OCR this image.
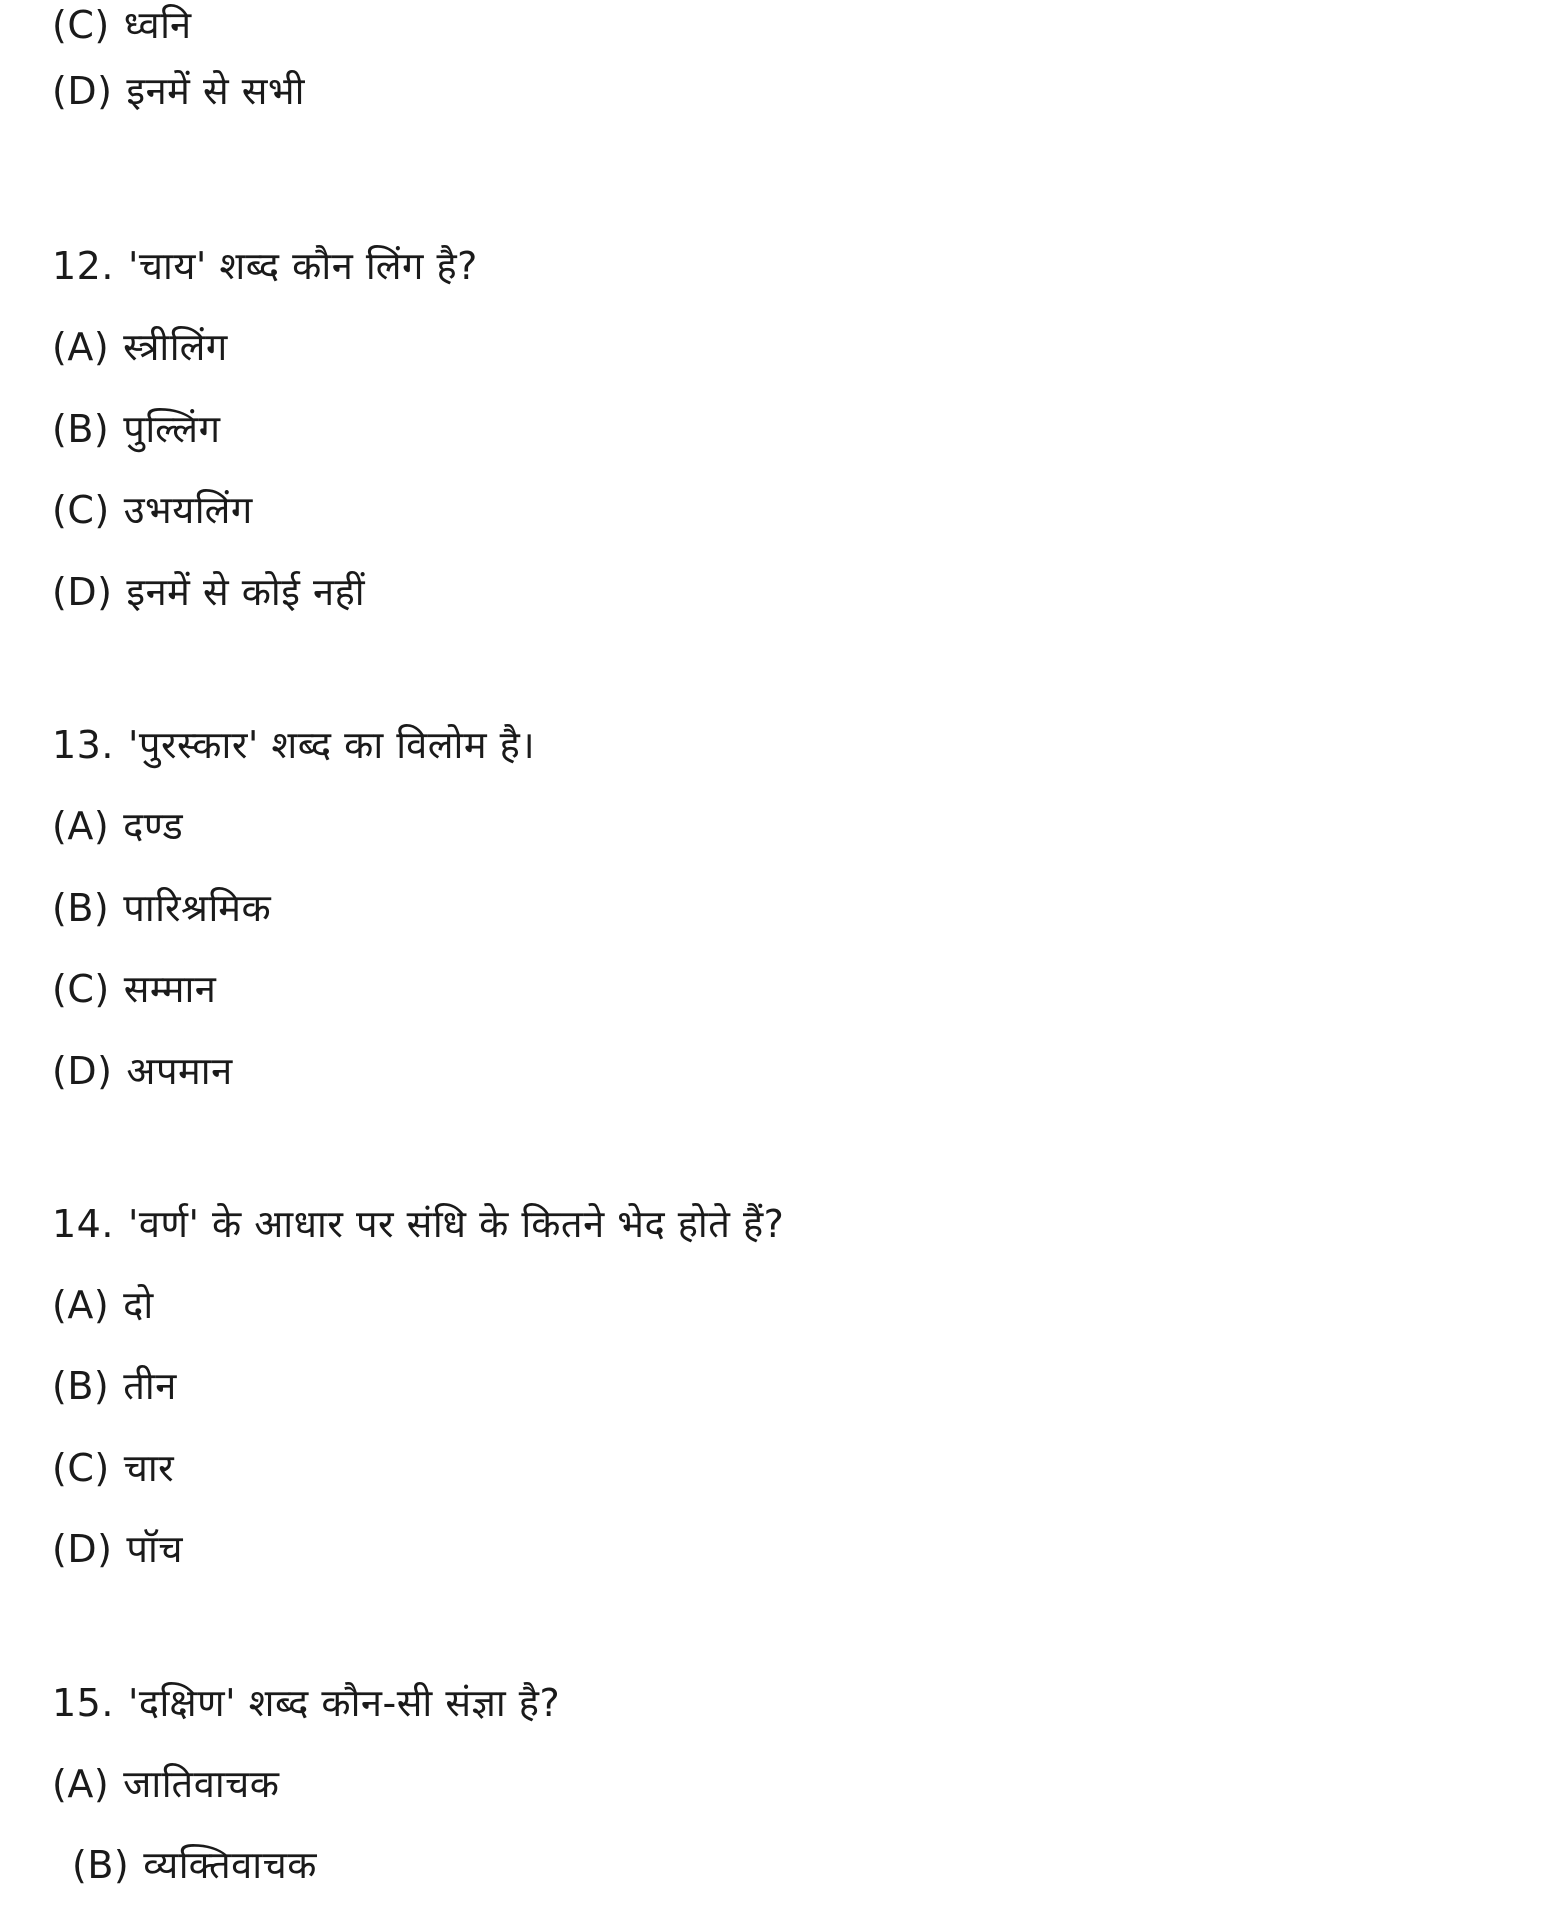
(C) ध्वनि
(D) इनमें से सभी
12. 'चाय' शब्द कौन लिंग है?
(A) स्त्रीलिंग
(B) पुल्लिंग
(C) उभयलिंग
(D) इनमें से कोई नहीं
13. 'पुरस्कार' शब्द का विलोम है।
(A) दण्ड
(B) पारिश्रमिक
(C) सम्मान
(D) अपमान
14. 'वर्ण' के आधार पर संधि के कितने भेद होते हैं?
(A) दो
(B) तीन
(C) चार
(D) पॉच
15. 'दक्षिण' शब्द कौन-सी संज्ञा है?
(A) जातिवाचक
(B) व्यक्तिवाचक
